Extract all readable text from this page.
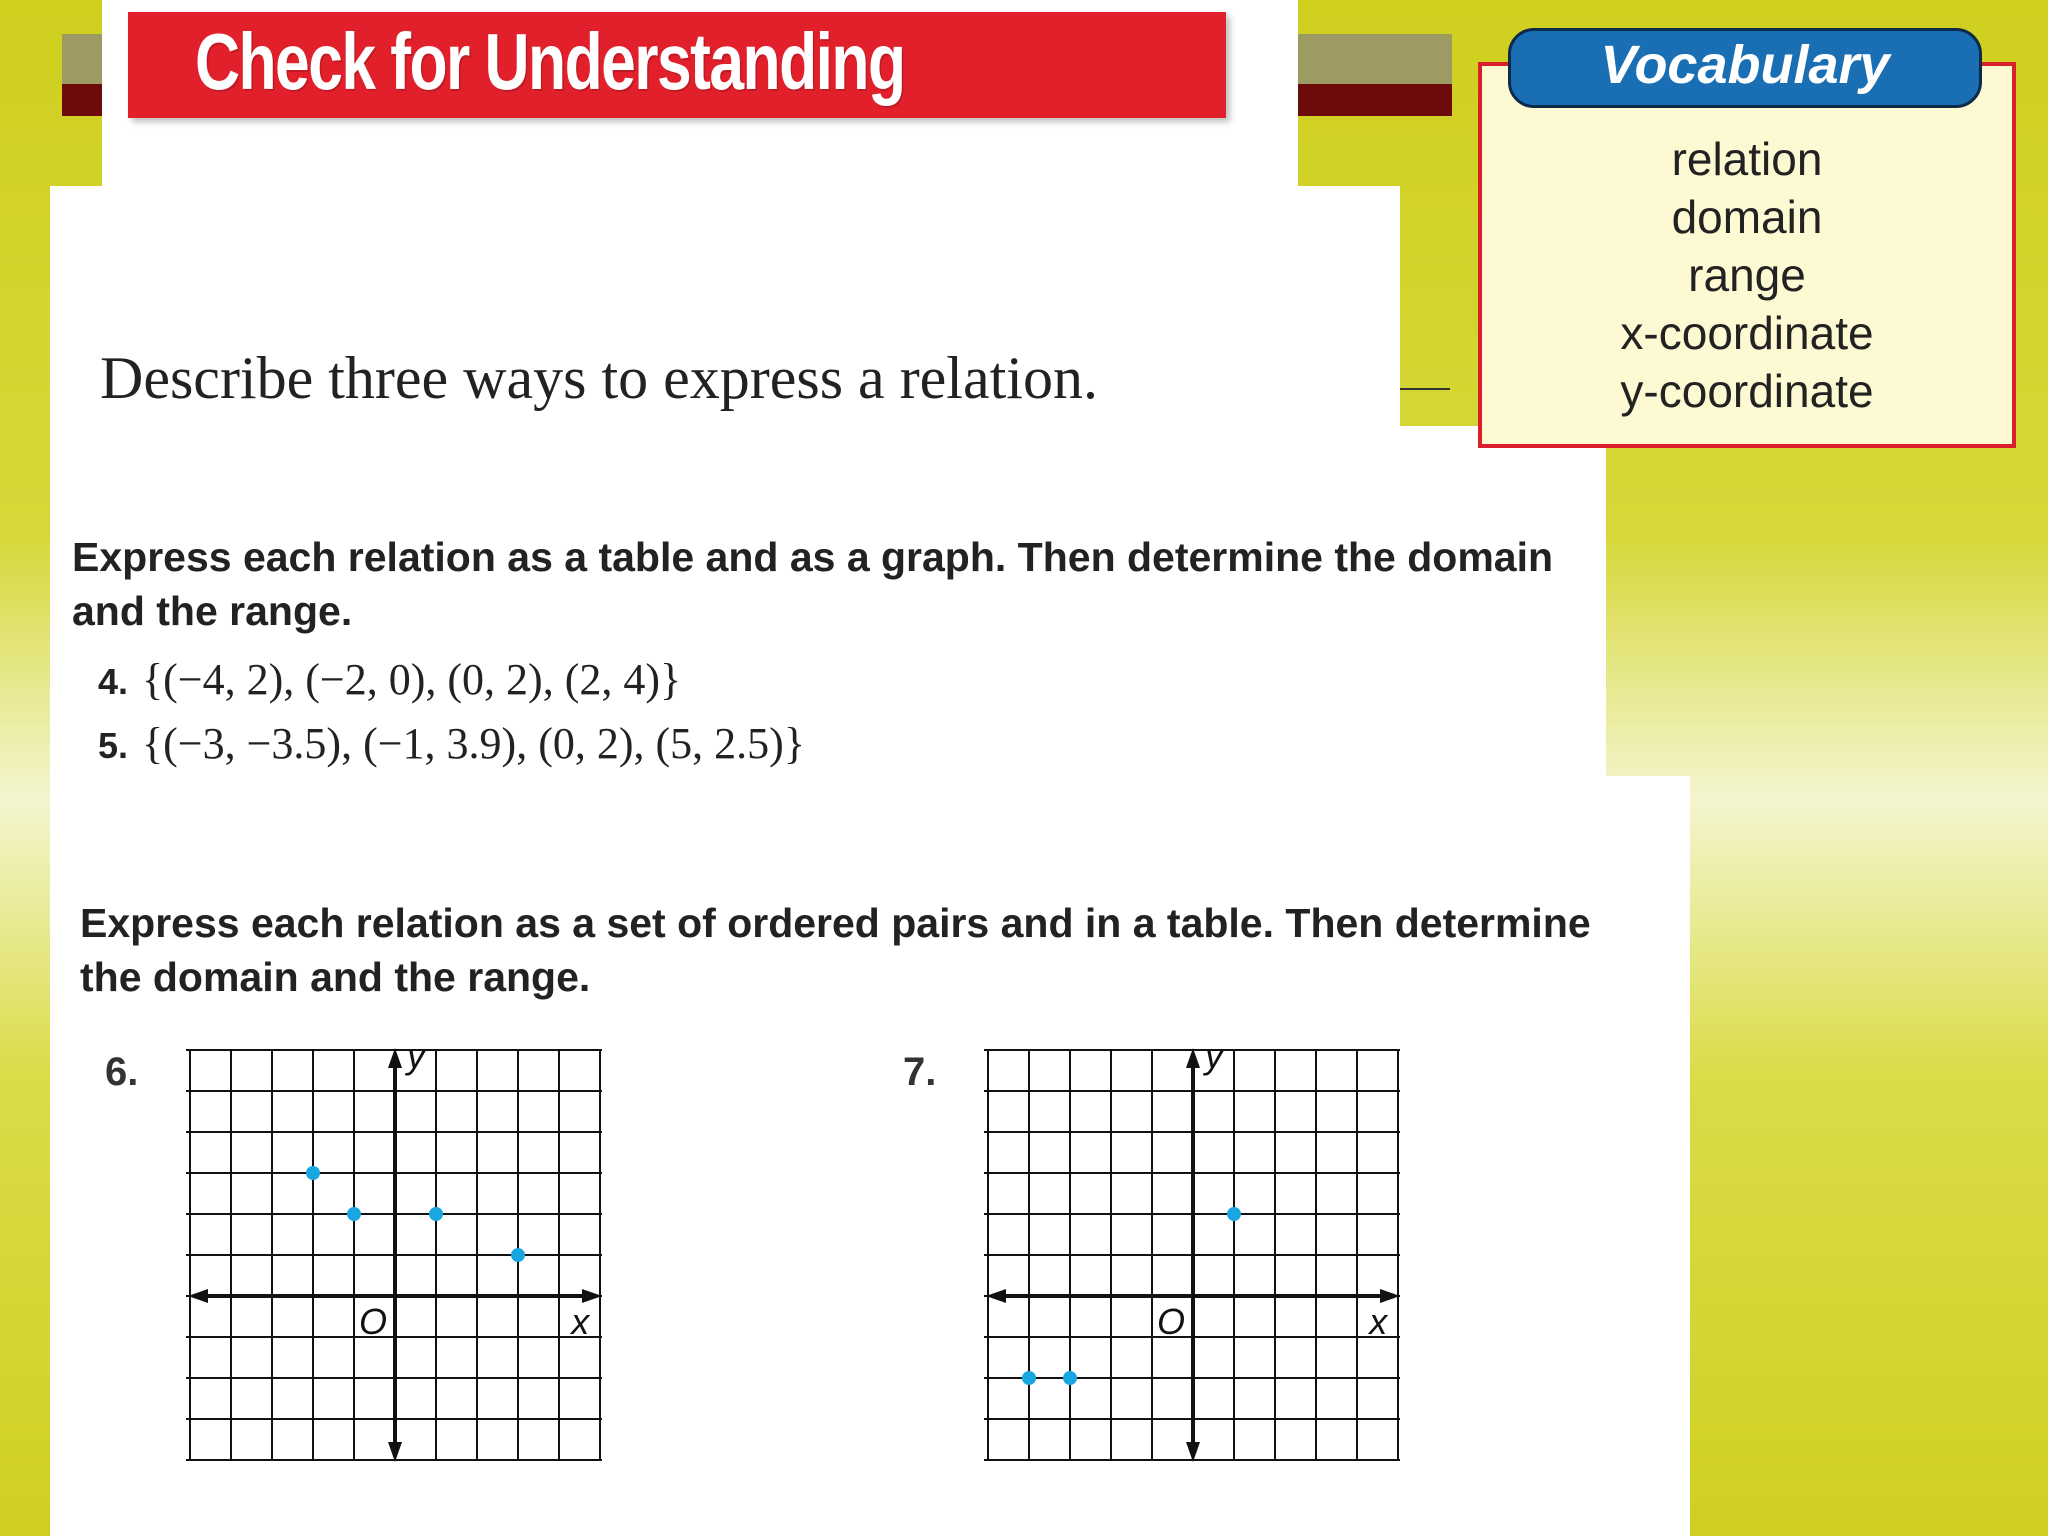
Check for Understanding	Vocabulary
relation
domain
range
x-coordinate
y-coordinate
Describe three ways to express a relation.
Express each relation as a table and as a graph. Then determine the domain and the range.
4. {(−4, 2), (−2, 0), (0, 2), (2, 4)}
5. {(−3, −3.5), (−1, 3.9), (0, 2), (5, 2.5)}
Express each relation as a set of ordered pairs and in a table. Then determine the domain and the range.
6.	7.
y
x
O
y
x
O
